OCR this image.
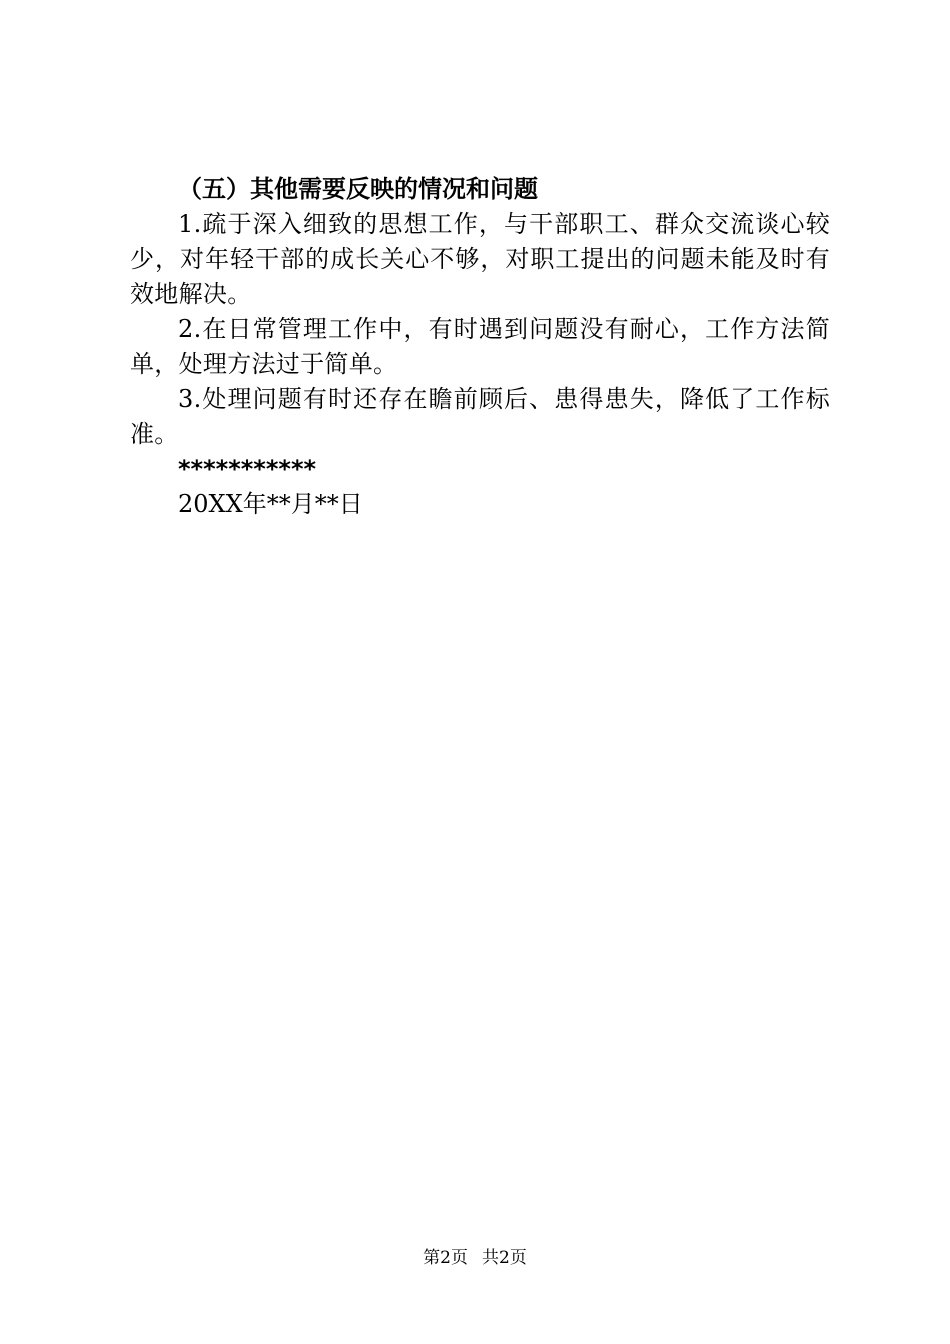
（五）其他需要反映的情况和问题

1.疏于深入细致的思想工作，与干部职工、群众交流谈心较少，对年轻干部的成长关心不够，对职工提出的问题未能及时有效地解决。

2.在日常管理工作中，有时遇到问题没有耐心，工作方法简单，处理方法过于简单。

3.处理问题有时还存在瞻前顾后、患得患失，降低了工作标准。

***********
20XX年**月**日
第2页 共2页
